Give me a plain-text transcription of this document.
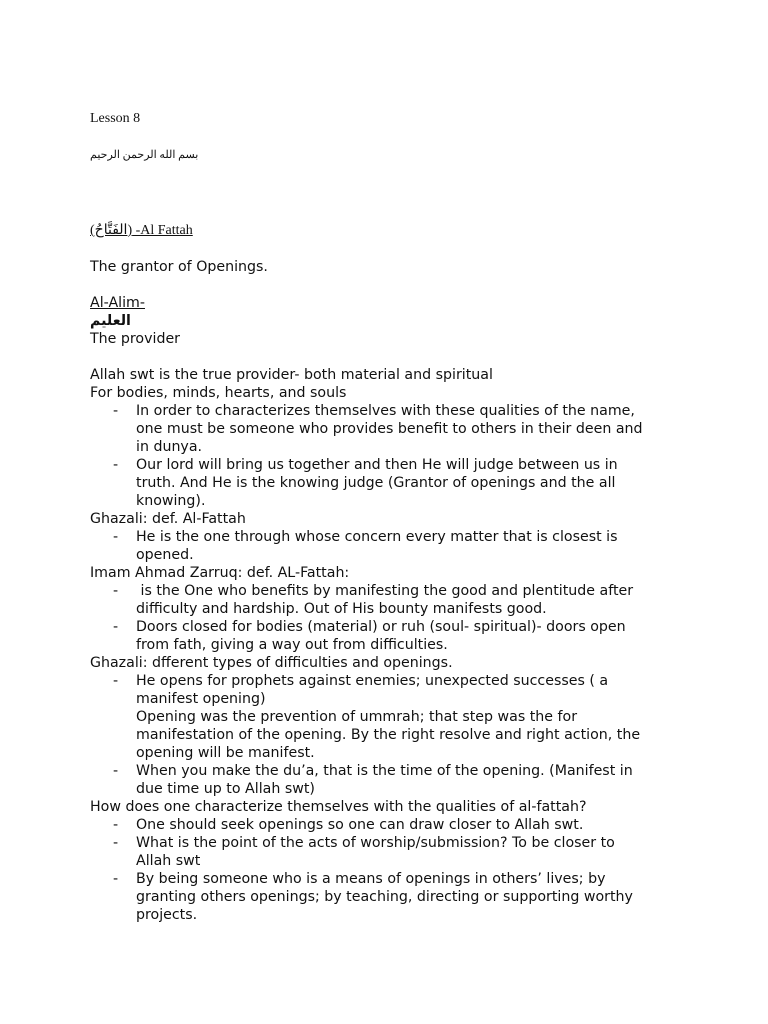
Lesson 8
بسم الله الرحمن الرحيم
(الفَتَّاحُ) -Al Fattah
The grantor of Openings.
Al-Alim-
العليم
The provider
Allah swt is the true provider- both material and spiritual
For bodies, minds, hearts, and souls
- In order to characterizes themselves with these qualities of the name,
one must be someone who provides benefit to others in their deen and
in dunya.
- Our lord will bring us together and then He will judge between us in
truth. And He is the knowing judge (Grantor of openings and the all
knowing).
Ghazali: def. Al-Fattah
- He is the one through whose concern every matter that is closest is
opened.
Imam Ahmad Zarruq: def. AL-Fattah:
- is the One who benefits by manifesting the good and plentitude after
difficulty and hardship. Out of His bounty manifests good.
- Doors closed for bodies (material) or ruh (soul- spiritual)- doors open
from fath, giving a way out from difficulties.
Ghazali: dfferent types of difficulties and openings.
- He opens for prophets against enemies; unexpected successes ( a
manifest opening)
Opening was the prevention of ummrah; that step was the for
manifestation of the opening. By the right resolve and right action, the
opening will be manifest.
- When you make the du’a, that is the time of the opening. (Manifest in
due time up to Allah swt)
How does one characterize themselves with the qualities of al-fattah?
- One should seek openings so one can draw closer to Allah swt.
- What is the point of the acts of worship/submission? To be closer to
Allah swt
- By being someone who is a means of openings in others’ lives; by
granting others openings; by teaching, directing or supporting worthy
projects.
